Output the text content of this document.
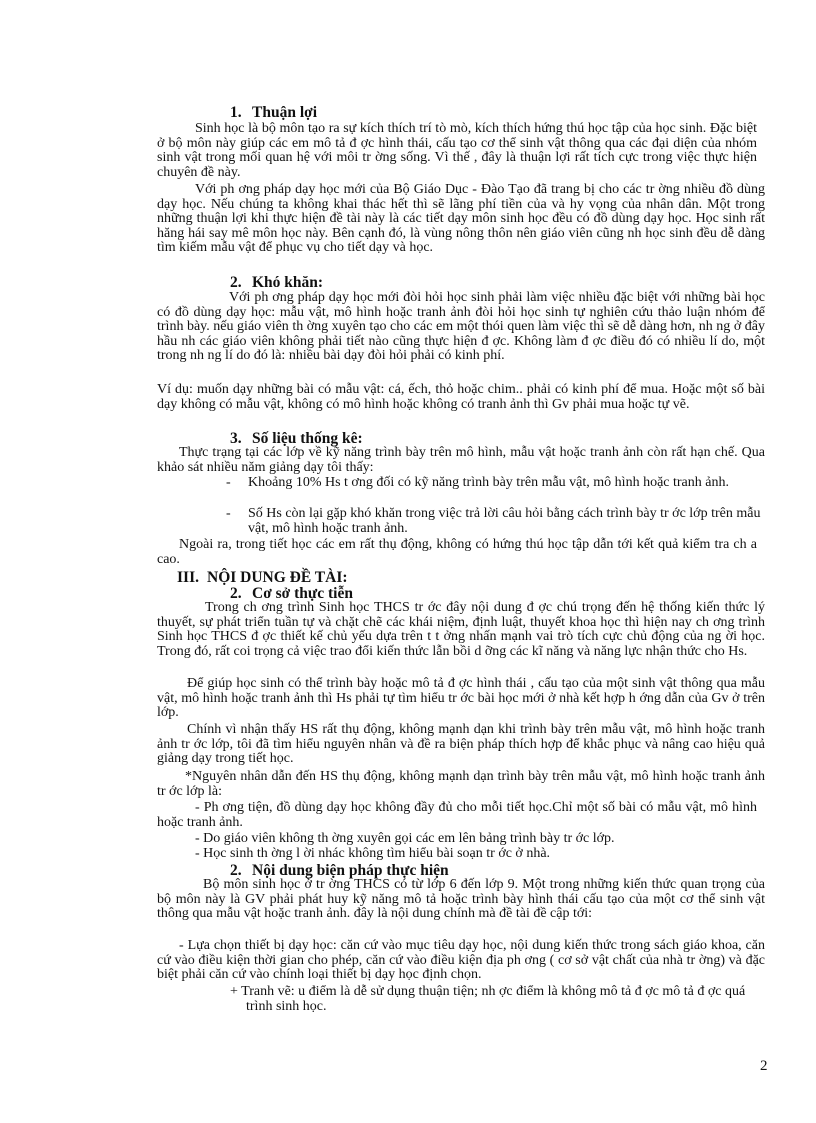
1. Thuận lợi

Sinh học là bộ môn tạo ra sự kích thích trí tò mò, kích thích hứng thú học tập của học sinh. Đặc biệt ở bộ môn này giúp các em mô tả đ ợc hình thái, cấu tạo cơ thể sinh vật thông qua các đại diện của nhóm sinh vật trong mối quan hệ với môi tr ờng sống. Vì thế , đây là thuận lợi rất tích cực trong việc thực hiện chuyên đề này.

Với ph ơng pháp dạy học mới của Bộ Giáo Dục - Đào Tạo đã trang bị cho các tr ờng nhiều đồ dùng dạy học. Nếu chúng ta không khai thác hết thì sẽ lãng phí tiền của và hy vọng của nhân dân. Một trong những thuận lợi khi thực hiện đề tài này là các tiết dạy môn sinh học đều có đồ dùng dạy học. Học sinh rất hăng hái say mê môn học này. Bên cạnh đó, là vùng nông thôn nên giáo viên cũng nh học sinh đều dễ dàng tìm kiếm mẫu vật để phục vụ cho tiết dạy và học.

2. Khó khăn:

Với ph ơng pháp dạy học mới đòi hỏi học sinh phải làm việc nhiều đặc biệt với những bài học có đồ dùng dạy học: mẫu vật, mô hình hoặc tranh ảnh đòi hỏi học sinh tự nghiên cứu thảo luận nhóm để trình bày. nếu giáo viên th ờng xuyên tạo cho các em một thói quen làm việc thì sẽ dễ dàng hơn, nh ng ở đây hầu nh các giáo viên không phải tiết nào cũng thực hiện đ ợc. Không làm đ ợc điều đó có nhiều lí do, một trong nh ng lí do đó là: nhiều bài dạy đòi hỏi phải có kinh phí.

Ví dụ: muốn dạy những bài có mẫu vật: cá, ếch, thỏ hoặc chim.. phải có kinh phí để mua. Hoặc một số bài dạy không có mẫu vật, không có mô hình hoặc không có tranh ảnh thì Gv phải mua hoặc tự vẽ.

3. Số liệu thống kê:

Thực trạng tại các lớp về kỹ năng trình bày trên mô hình, mẫu vật hoặc tranh ảnh còn rất hạn chế. Qua khảo sát nhiều năm giảng dạy tôi thấy:

- Khoảng 10% Hs t ơng đối có kỹ năng trình bày trên mẫu vật, mô hình hoặc tranh ảnh.
- Số Hs còn lại gặp khó khăn trong việc trả lời câu hỏi bằng cách trình bày tr ớc lớp trên mẫu vật, mô hình hoặc tranh ảnh.

Ngoài ra, trong tiết học các em rất thụ động, không có hứng thú học tập dẫn tới kết quả kiểm tra ch a cao.

III. NỘI DUNG ĐỀ TÀI:
2. Cơ sở thực tiễn

Trong ch ơng trình Sinh học THCS tr ớc đây nội dung đ ợc chú trọng đến hệ thống kiến thức lý thuyết, sự phát triển tuần tự và chặt chẽ các khái niệm, định luật, thuyết khoa học thì hiện nay ch ơng trình Sinh học THCS đ ợc thiết kế chủ yếu dựa trên t t ởng nhấn mạnh vai trò tích cực chủ động của ng ời học. Trong đó, rất coi trọng cả việc trao đổi kiến thức lẫn bồi d ỡng các kĩ năng và năng lực nhận thức cho Hs.

Để giúp học sinh có thể trình bày hoặc mô tả đ ợc hình thái , cấu tạo của một sinh vật thông qua mẫu vật, mô hình hoặc tranh ảnh thì Hs phải tự tìm hiểu tr ớc bài học mới ở nhà kết hợp h ớng dẫn của Gv ở trên lớp.

Chính vì nhận thấy HS rất thụ động, không mạnh dạn khi trình bày trên mẫu vật, mô hình hoặc tranh ảnh tr ớc lớp, tôi đã tìm hiểu nguyên nhân và đề ra biện pháp thích hợp để khắc phục và nâng cao hiệu quả giảng dạy trong tiết học.

*Nguyên nhân dẫn đến HS thụ động, không mạnh dạn trình bày trên mẫu vật, mô hình hoặc tranh ảnh tr ớc lớp là:

- Ph ơng tiện, đồ dùng dạy học không đầy đủ cho mỗi tiết học.Chỉ một số bài có mẫu vật, mô hình hoặc tranh ảnh.

- Do giáo viên không th ờng xuyên gọi các em lên bảng trình bày tr ớc lớp.

- Học sinh th ờng l ời nhác không tìm hiểu bài soạn tr ớc ở nhà.

2. Nội dung biện pháp thực hiện

Bộ môn sinh học ở tr ờng THCS có từ lớp 6 đến lớp 9. Một trong những kiến thức quan trọng của bộ môn này là GV phải phát huy kỹ năng mô tả hoặc trình bày hình thái cấu tạo của một cơ thể sinh vật thông qua mẫu vật hoặc tranh ảnh. đây là nội dung chính mà đề tài đề cập tới:

- Lựa chọn thiết bị dạy học: căn cứ vào mục tiêu dạy học, nội dung kiến thức trong sách giáo khoa, căn cứ vào điều kiện thời gian cho phép, căn cứ vào điều kiện địa ph ơng ( cơ sở vật chất của nhà tr ờng) và đặc biệt phải căn cứ vào chính loại thiết bị dạy học định chọn.

+ Tranh vẽ: u điểm là dễ sử dụng thuận tiện; nh ợc điểm là không mô tả đ ợc mô tả đ ợc quá trình sinh học.

2
